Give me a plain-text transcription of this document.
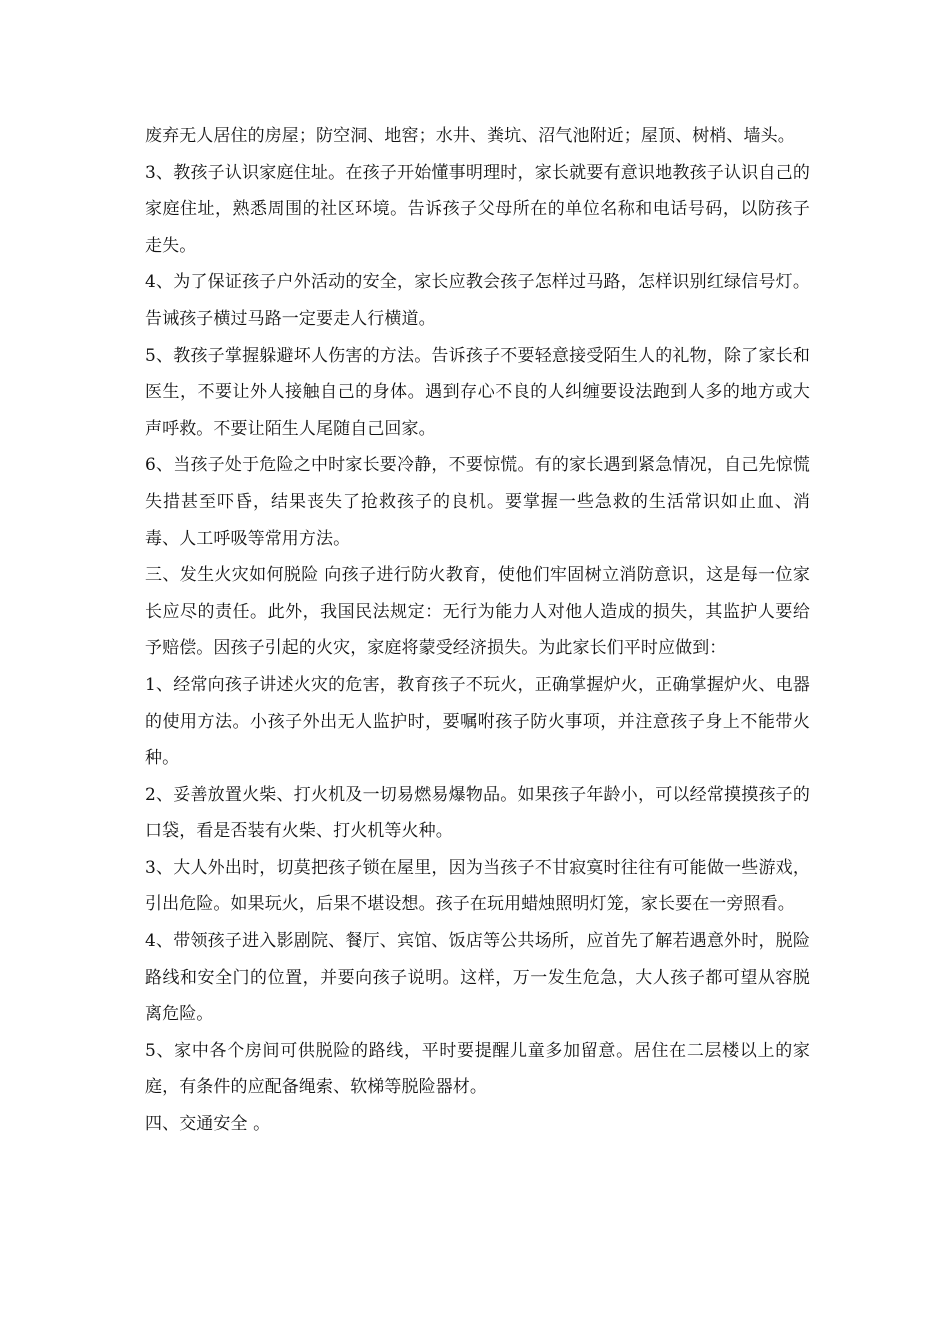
废弃无人居住的房屋；防空洞、地窖；水井、粪坑、沼气池附近；屋顶、树梢、墙头。

3、教孩子认识家庭住址。在孩子开始懂事明理时，家长就要有意识地教孩子认识自己的家庭住址，熟悉周围的社区环境。告诉孩子父母所在的单位名称和电话号码，以防孩子走失。

4、为了保证孩子户外活动的安全，家长应教会孩子怎样过马路，怎样识别红绿信号灯。告诫孩子横过马路一定要走人行横道。

5、教孩子掌握躲避坏人伤害的方法。告诉孩子不要轻意接受陌生人的礼物，除了家长和医生，不要让外人接触自己的身体。遇到存心不良的人纠缠要设法跑到人多的地方或大声呼救。不要让陌生人尾随自己回家。

6、当孩子处于危险之中时家长要冷静，不要惊慌。有的家长遇到紧急情况，自己先惊慌失措甚至吓昏，结果丧失了抢救孩子的良机。要掌握一些急救的生活常识如止血、消毒、人工呼吸等常用方法。

三、发生火灾如何脱险 向孩子进行防火教育，使他们牢固树立消防意识，这是每一位家长应尽的责任。此外，我国民法规定：无行为能力人对他人造成的损失，其监护人要给予赔偿。因孩子引起的火灾，家庭将蒙受经济损失。为此家长们平时应做到：

1、经常向孩子讲述火灾的危害，教育孩子不玩火，正确掌握炉火，正确掌握炉火、电器的使用方法。小孩子外出无人监护时，要嘱咐孩子防火事项，并注意孩子身上不能带火种。

2、妥善放置火柴、打火机及一切易燃易爆物品。如果孩子年龄小，可以经常摸摸孩子的口袋，看是否装有火柴、打火机等火种。

3、大人外出时，切莫把孩子锁在屋里，因为当孩子不甘寂寞时往往有可能做一些游戏，引出危险。如果玩火，后果不堪设想。孩子在玩用蜡烛照明灯笼，家长要在一旁照看。

4、带领孩子进入影剧院、餐厅、宾馆、饭店等公共场所，应首先了解若遇意外时，脱险路线和安全门的位置，并要向孩子说明。这样，万一发生危急，大人孩子都可望从容脱离危险。

5、家中各个房间可供脱险的路线，平时要提醒儿童多加留意。居住在二层楼以上的家庭，有条件的应配备绳索、软梯等脱险器材。

四、交通安全 。
